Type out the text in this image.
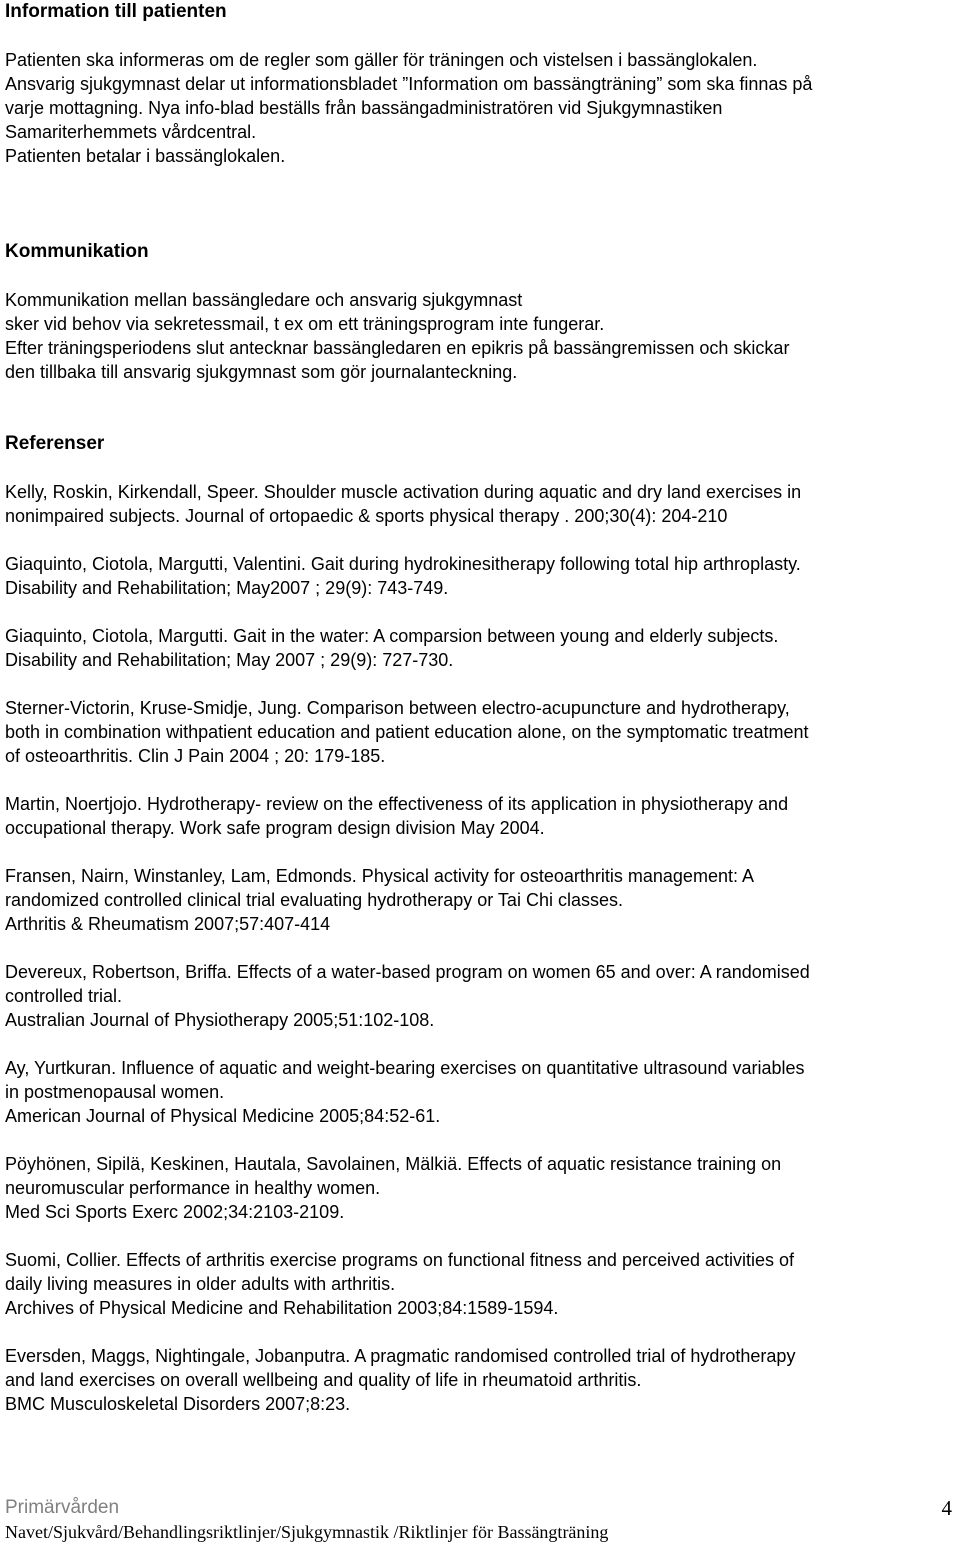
Information till patienten

Patienten ska informeras om de regler som gäller för träningen och vistelsen i bassänglokalen.
Ansvarig sjukgymnast delar ut informationsbladet ”Information om bassängträning” som ska finnas på
varje mottagning. Nya info-blad beställs från bassängadministratören vid Sjukgymnastiken
Samariterhemmets vårdcentral.
Patienten betalar i bassänglokalen.

Kommunikation

Kommunikation mellan bassängledare och ansvarig sjukgymnast
sker vid behov via sekretessmail, t ex om ett träningsprogram inte fungerar.
Efter träningsperiodens slut antecknar bassängledaren en epikris på bassängremissen och skickar
den tillbaka till ansvarig sjukgymnast som gör journalanteckning.

Referenser

Kelly, Roskin, Kirkendall, Speer. Shoulder muscle activation during aquatic and dry land exercises in
nonimpaired subjects. Journal of ortopaedic & sports physical therapy . 200;30(4): 204-210

Giaquinto, Ciotola, Margutti, Valentini. Gait during hydrokinesitherapy following total hip arthroplasty.
Disability and Rehabilitation; May2007 ; 29(9): 743-749.

Giaquinto, Ciotola, Margutti. Gait in the water: A comparsion between young and elderly subjects.
Disability and Rehabilitation; May 2007 ; 29(9): 727-730.

Sterner-Victorin, Kruse-Smidje, Jung. Comparison between electro-acupuncture and hydrotherapy,
both in combination withpatient education and patient education alone, on the symptomatic treatment
of osteoarthritis. Clin J Pain 2004 ; 20: 179-185.

Martin, Noertjojo. Hydrotherapy- review on the effectiveness of its application in physiotherapy and
occupational therapy. Work safe program design division May 2004.

Fransen, Nairn, Winstanley, Lam, Edmonds. Physical activity for osteoarthritis management: A
randomized controlled clinical trial evaluating hydrotherapy or Tai Chi classes.
Arthritis & Rheumatism 2007;57:407-414

Devereux, Robertson, Briffa. Effects of a water-based program on women 65 and over: A randomised
controlled trial.
Australian Journal of Physiotherapy 2005;51:102-108.

Ay, Yurtkuran. Influence of aquatic and weight-bearing exercises on quantitative ultrasound variables
in postmenopausal women.
American Journal of Physical Medicine 2005;84:52-61.

Pöyhönen, Sipilä, Keskinen, Hautala, Savolainen, Mälkiä. Effects of aquatic resistance training on
neuromuscular performance in healthy women.
Med Sci Sports Exerc 2002;34:2103-2109.

Suomi, Collier. Effects of arthritis exercise programs on functional fitness and perceived activities of
daily living measures in older adults with arthritis.
Archives of Physical Medicine and Rehabilitation 2003;84:1589-1594.

Eversden, Maggs, Nightingale, Jobanputra. A pragmatic randomised controlled trial of hydrotherapy
and land exercises on overall wellbeing and quality of life in rheumatoid arthritis.
BMC Musculoskeletal Disorders 2007;8:23.

Primärvården	4
Navet/Sjukvård/Behandlingsriktlinjer/Sjukgymnastik /Riktlinjer för Bassängträning
